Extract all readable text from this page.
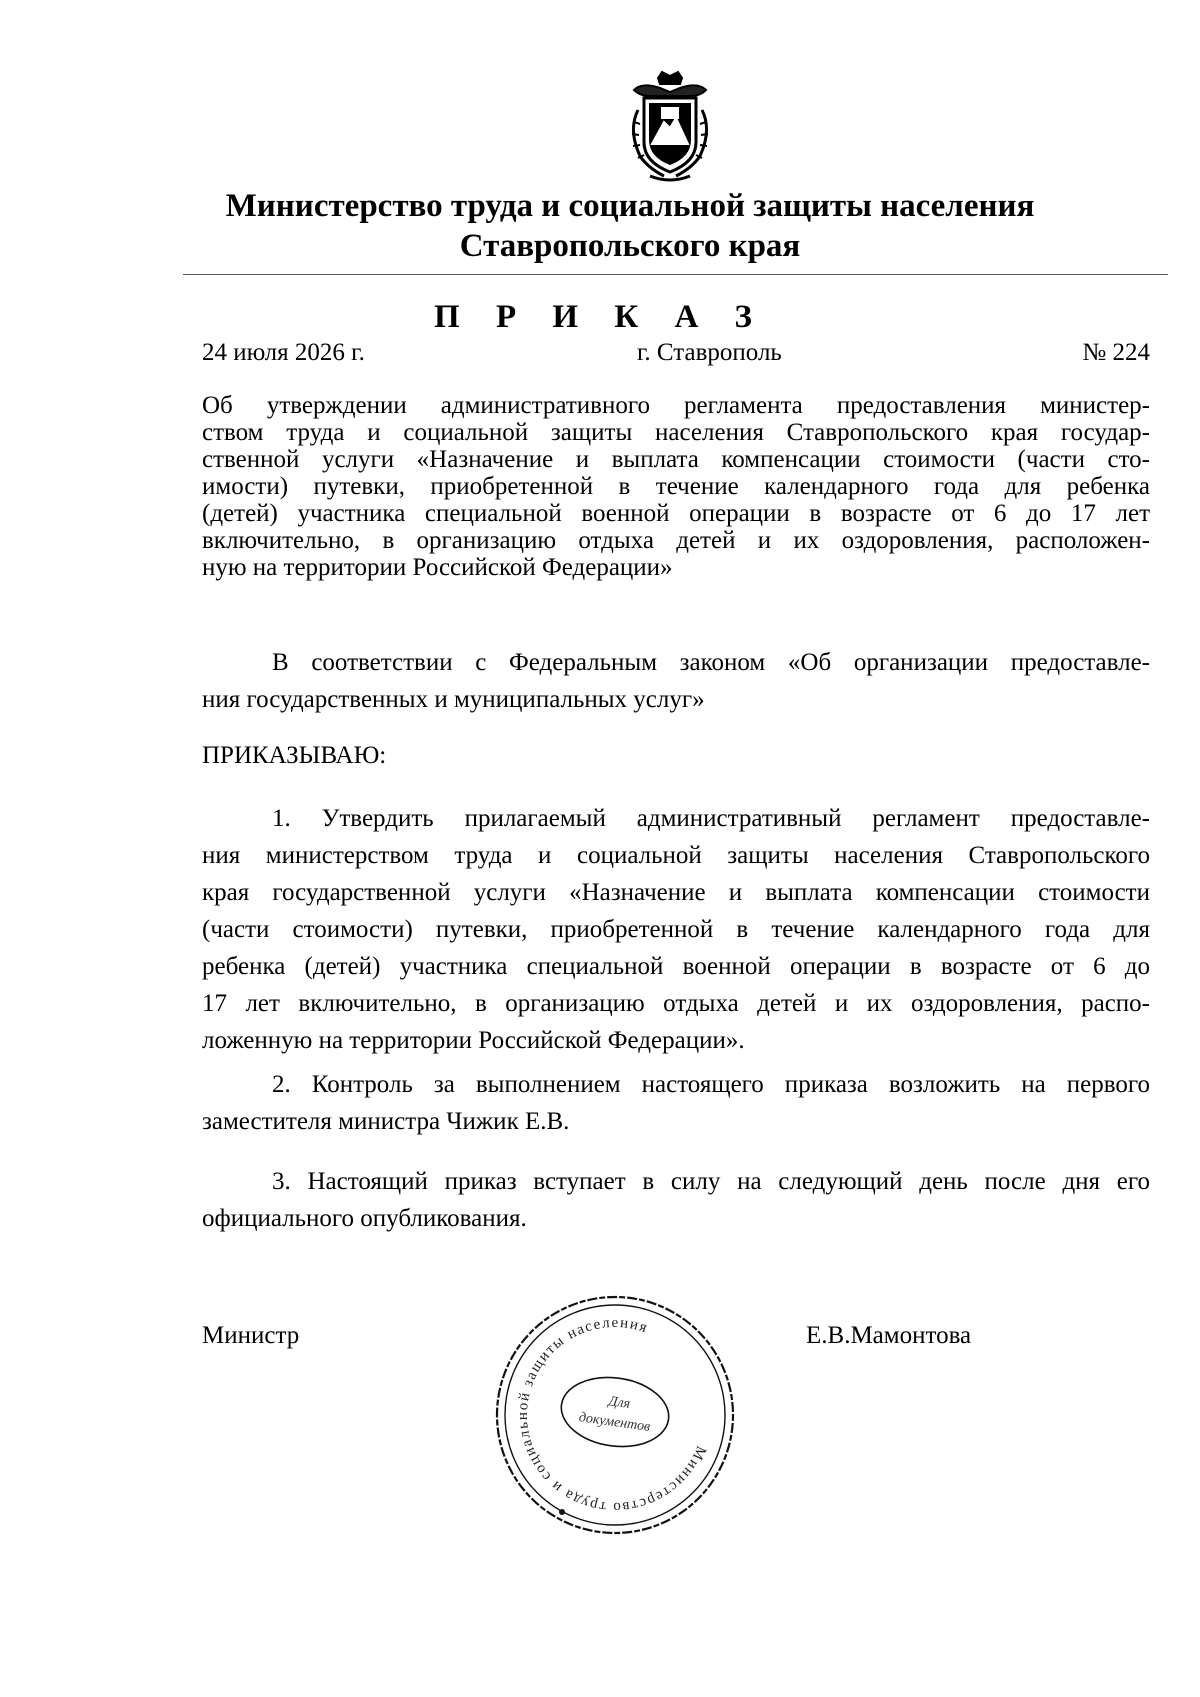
Министерство труда и социальной защиты населения
Ставропольского края
П Р И К А З
24 июля 2026 г.	г. Ставрополь	№ 224
Об утверждении административного регламента предоставления министер-
ством труда и социальной защиты населения Ставропольского края государ-
ственной услуги «Назначение и выплата компенсации стоимости (части сто-
имости) путевки, приобретенной в течение календарного года для ребенка
(детей) участника специальной военной операции в возрасте от 6 до 17 лет
включительно, в организацию отдыха детей и их оздоровления, расположен-
ную на территории Российской Федерации»
В соответствии с Федеральным законом «Об организации предоставле-
ния государственных и муниципальных услуг»
ПРИКАЗЫВАЮ:
1. Утвердить прилагаемый административный регламент предоставле-
ния министерством труда и социальной защиты населения Ставропольского
края государственной услуги «Назначение и выплата компенсации стоимости
(части стоимости) путевки, приобретенной в течение календарного года для
ребенка (детей) участника специальной военной операции в возрасте от 6 до
17 лет включительно, в организацию отдыха детей и их оздоровления, распо-
ложенную на территории Российской Федерации».
2. Контроль за выполнением настоящего приказа возложить на первого
заместителя министра Чижик Е.В.
3. Настоящий приказ вступает в силу на следующий день после дня его
официального опубликования.
Министр	Е.В.Мамонтова
Министерство труда и социальной защиты населения
Для
документов
